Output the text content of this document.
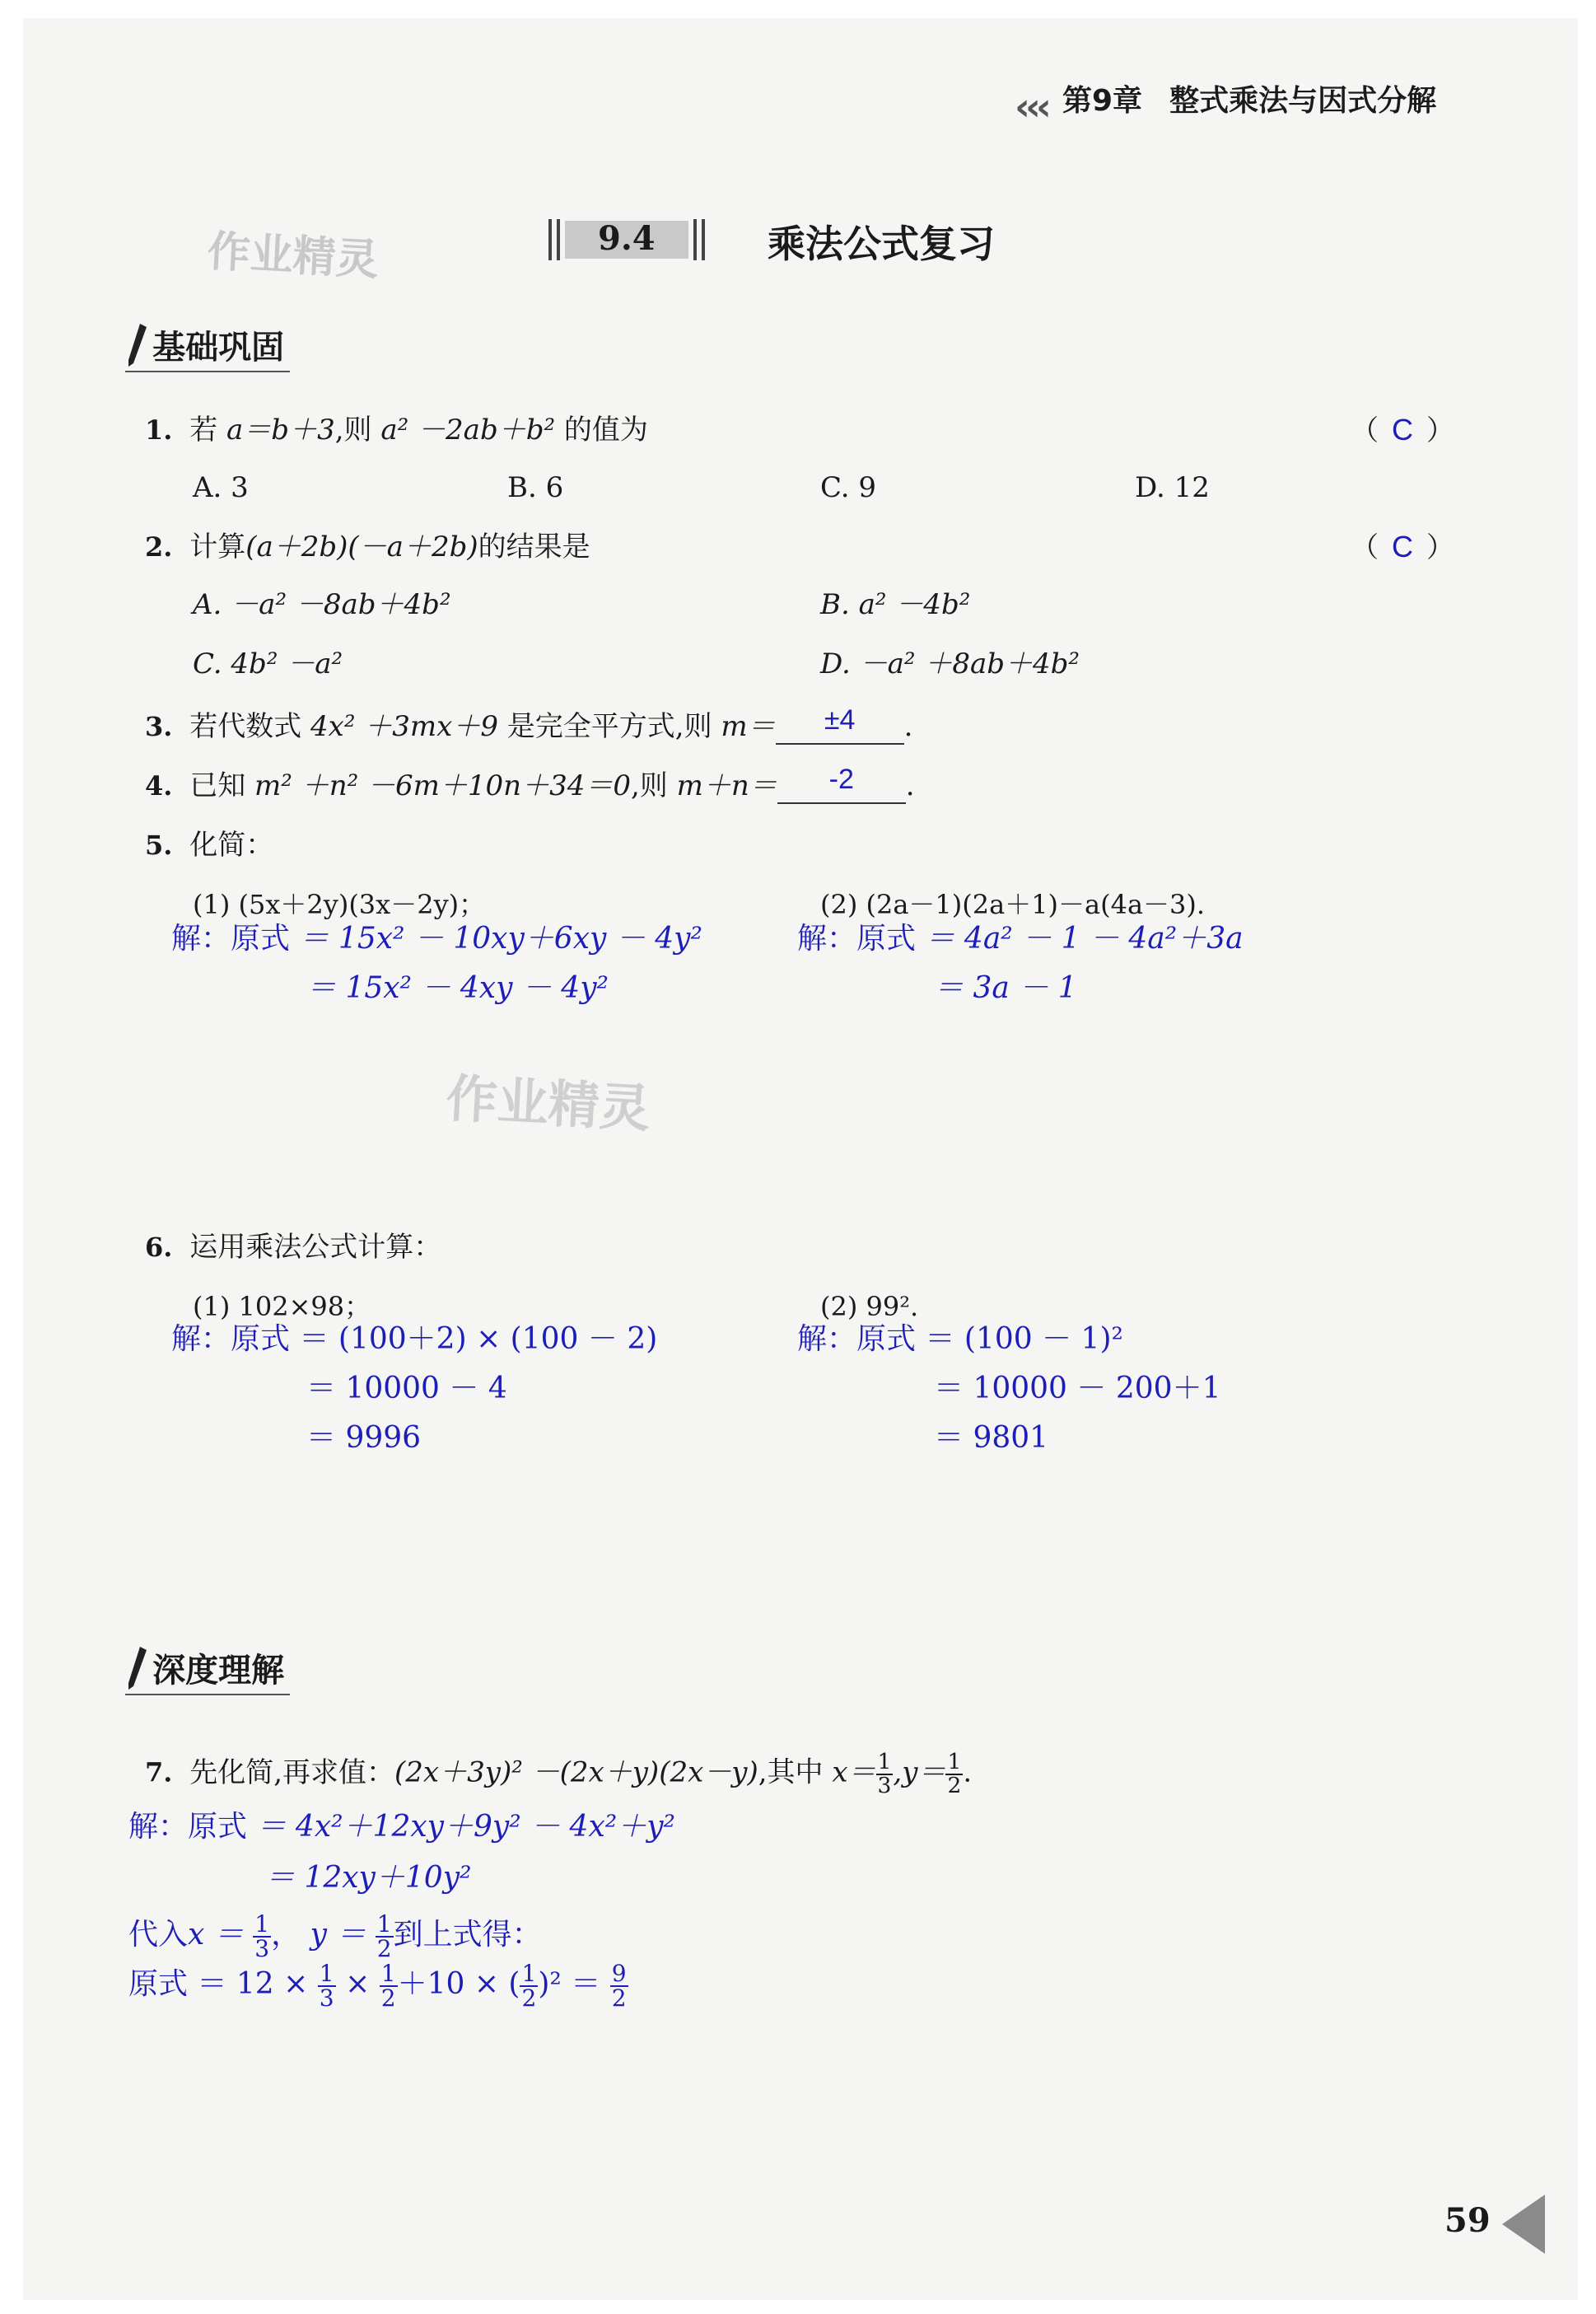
‹‹‹ 第9章 整式乘法与因式分解
9.4	乘法公式复习
作业精灵
作业精灵
基础巩固
1. 若 a＝b＋3,则 a² －2ab＋b² 的值为	（ C ）
A. 3	B. 6	C. 9	D. 12
2. 计算(a＋2b)(－a＋2b)的结果是	（ C ）
A. －a² －8ab＋4b²	B. a² －4b²
C. 4b² －a²	D. －a² ＋8ab＋4b²
3. 若代数式 4x² ＋3mx＋9 是完全平方式,则 m＝ ±4 .
4. 已知 m² ＋n² －6m＋10n＋34＝0,则 m＋n＝ -2 .
5. 化简：
(1) (5x＋2y)(3x－2y)；	(2) (2a－1)(2a＋1)－a(4a－3).
解：原式 ＝ 15x² － 10xy＋6xy － 4y²
＝ 15x² － 4xy － 4y²
解：原式 ＝ 4a² － 1 － 4a²＋3a
＝ 3a － 1
6. 运用乘法公式计算：
(1) 102×98；	(2) 99².
解：原式 ＝ (100＋2) × (100 － 2)
＝ 10000 － 4
＝ 9996
解：原式 ＝ (100 － 1)²
＝ 10000 － 200＋1
＝ 9801
深度理解
7. 先化简,再求值：(2x＋3y)² －(2x＋y)(2x－y),其中 $x= \frac{1}{3} ,y= \frac{1}{2}$ .
解：原式 ＝ 4x²＋12xy＋9y² － 4x²＋y²
＝ 12xy＋10y²
代入$x = \frac{1}{3}$ ， $y = \frac{1}{2}$ 到上式得：
原式 ＝ $12 \times \frac{1}{3} \times \frac{1}{2} +10$ × ( $\frac{1}{2} )^2 = \frac{9}{2}$
59
